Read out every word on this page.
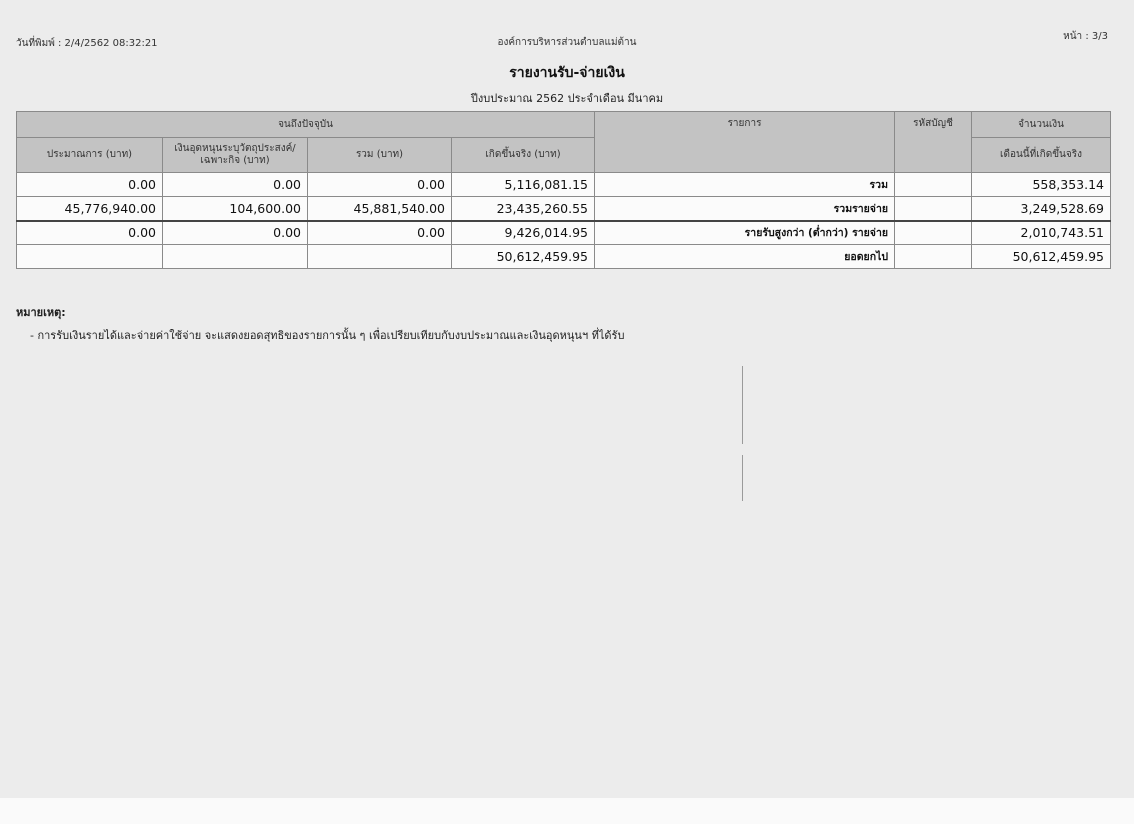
วันที่พิมพ์ : 2/4/2562 08:32:21	องค์การบริหารส่วนตำบลแม่ต้าน
หน้า : 3/3
รายงานรับ-จ่ายเงิน
ปีงบประมาณ 2562 ประจำเดือน มีนาคม
จนถึงปัจจุบัน				รายการ	รหัสบัญชี	จำนวนเงิน
ประมาณการ (บาท)	เงินอุดหนุนระบุวัตถุประสงค์/เฉพาะกิจ (บาท)	รวม (บาท)	เกิดขึ้นจริง (บาท)			เดือนนี้ที่เกิดขึ้นจริง
0.00	0.00	0.00	5,116,081.15	รวม		558,353.14
45,776,940.00	104,600.00	45,881,540.00	23,435,260.55	รวมรายจ่าย		3,249,528.69
0.00	0.00	0.00	9,426,014.95	รายรับสูงกว่า (ต่ำกว่า) รายจ่าย		2,010,743.51
			50,612,459.95	ยอดยกไป		50,612,459.95
หมายเหตุ:
- การรับเงินรายได้และจ่ายค่าใช้จ่าย จะแสดงยอดสุทธิของรายการนั้น ๆ เพื่อเปรียบเทียบกับงบประมาณและเงินอุดหนุนฯ ที่ได้รับ
